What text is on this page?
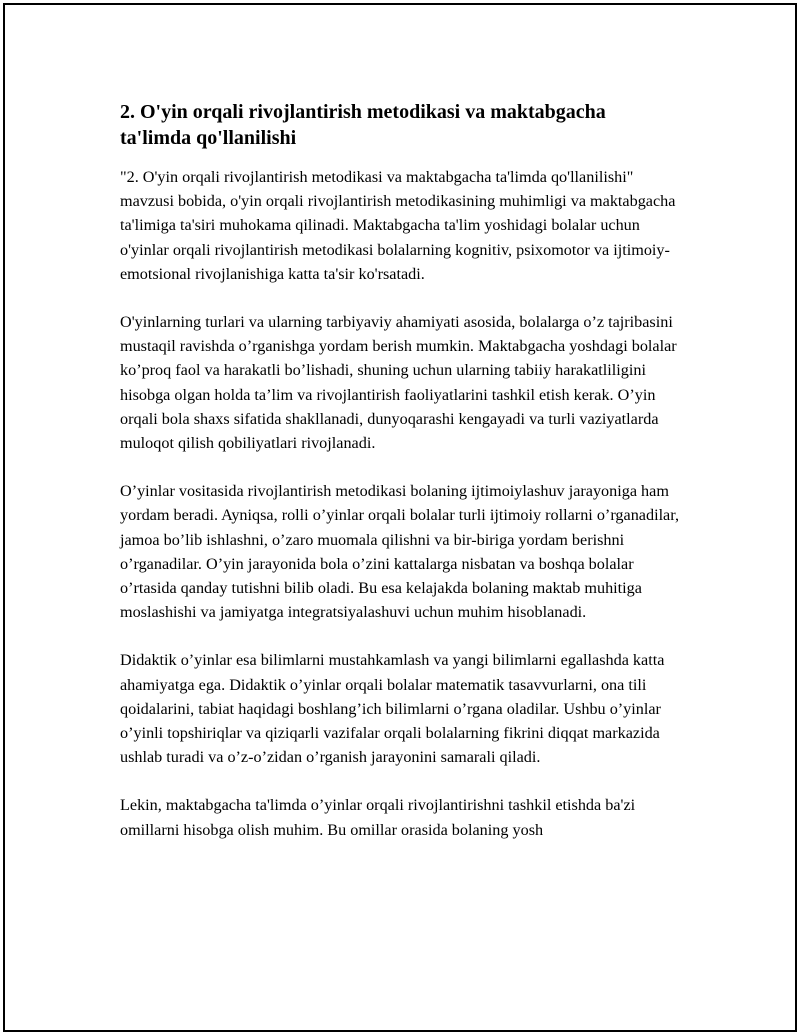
2. O'yin orqali rivojlantirish metodikasi va maktabgacha ta'limda qo'llanilishi

"2. O'yin orqali rivojlantirish metodikasi va maktabgacha ta'limda qo'llanilishi" mavzusi bobida, o'yin orqali rivojlantirish metodikasining muhimligi va maktabgacha ta'limiga ta'siri muhokama qilinadi. Maktabgacha ta'lim yoshidagi bolalar uchun o'yinlar orqali rivojlantirish metodikasi bolalarning kognitiv, psixomotor va ijtimoiy-emotsional rivojlanishiga katta ta'sir ko'rsatadi.

O'yinlarning turlari va ularning tarbiyaviy ahamiyati asosida, bolalarga o’z tajribasini mustaqil ravishda o’rganishga yordam berish mumkin. Maktabgacha yoshdagi bolalar ko’proq faol va harakatli bo’lishadi, shuning uchun ularning tabiiy harakatliligini hisobga olgan holda ta’lim va rivojlantirish faoliyatlarini tashkil etish kerak. O’yin orqali bola shaxs sifatida shakllanadi, dunyoqarashi kengayadi va turli vaziyatlarda muloqot qilish qobiliyatlari rivojlanadi.

O’yinlar vositasida rivojlantirish metodikasi bolaning ijtimoiylashuv jarayoniga ham yordam beradi. Ayniqsa, rolli o’yinlar orqali bolalar turli ijtimoiy rollarni o’rganadilar, jamoa bo’lib ishlashni, o’zaro muomala qilishni va bir-biriga yordam berishni o’rganadilar. O’yin jarayonida bola o’zini kattalarga nisbatan va boshqa bolalar o’rtasida qanday tutishni bilib oladi. Bu esa kelajakda bolaning maktab muhitiga moslashishi va jamiyatga integratsiyalashuvi uchun muhim hisoblanadi.

Didaktik o’yinlar esa bilimlarni mustahkamlash va yangi bilimlarni egallashda katta ahamiyatga ega. Didaktik o’yinlar orqali bolalar matematik tasavvurlarni, ona tili qoidalarini, tabiat haqidagi boshlang’ich bilimlarni o’rgana oladilar. Ushbu o’yinlar o’yinli topshiriqlar va qiziqarli vazifalar orqali bolalarning fikrini diqqat markazida ushlab turadi va o’z-o’zidan o’rganish jarayonini samarali qiladi.

Lekin, maktabgacha ta'limda o’yinlar orqali rivojlantirishni tashkil etishda ba'zi omillarni hisobga olish muhim. Bu omillar orasida bolaning yosh
